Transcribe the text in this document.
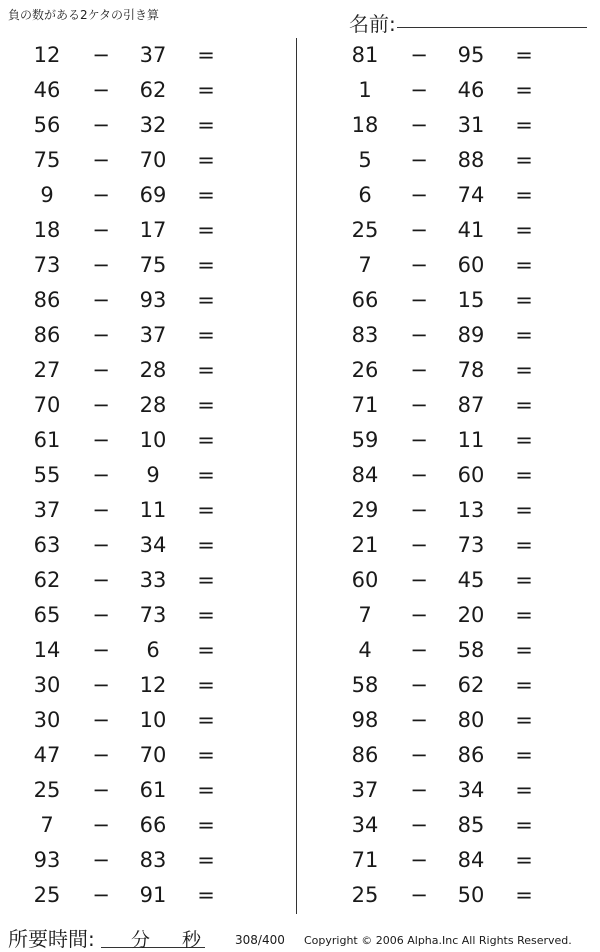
負の数がある2ケタの引き算	名前:
12	−	37	=
46	−	62	=
56	−	32	=
75	−	70	=
9	−	69	=
18	−	17	=
73	−	75	=
86	−	93	=
86	−	37	=
27	−	28	=
70	−	28	=
61	−	10	=
55	−	9	=
37	−	11	=
63	−	34	=
62	−	33	=
65	−	73	=
14	−	6	=
30	−	12	=
30	−	10	=
47	−	70	=
25	−	61	=
7	−	66	=
93	−	83	=
25	−	91	=
81	−	95	=
1	−	46	=
18	−	31	=
5	−	88	=
6	−	74	=
25	−	41	=
7	−	60	=
66	−	15	=
83	−	89	=
26	−	78	=
71	−	87	=
59	−	11	=
84	−	60	=
29	−	13	=
21	−	73	=
60	−	45	=
7	−	20	=
4	−	58	=
58	−	62	=
98	−	80	=
86	−	86	=
37	−	34	=
34	−	85	=
71	−	84	=
25	−	50	=
所要時間: 分 秒	308/400 Copyright © 2006 Alpha.Inc All Rights Reserved.
